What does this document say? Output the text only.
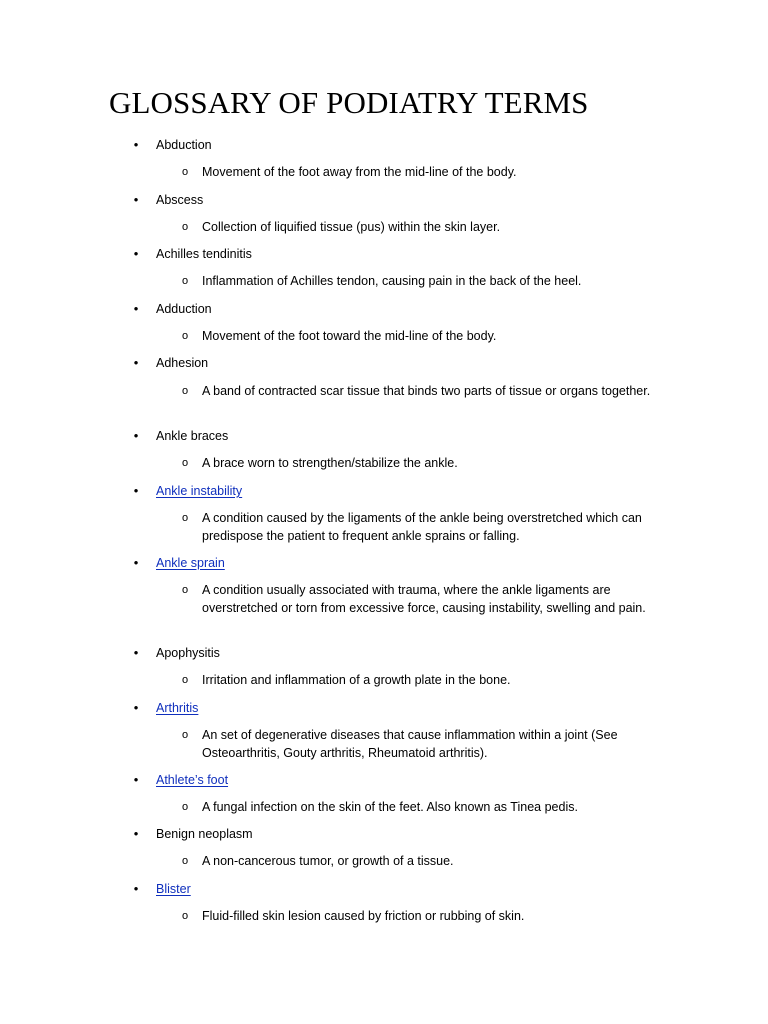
GLOSSARY OF PODIATRY TERMS
• Abduction
o Movement of the foot away from the mid-line of the body.
• Abscess
o Collection of liquified tissue (pus) within the skin layer.
• Achilles tendinitis
o Inflammation of Achilles tendon, causing pain in the back of the heel.
• Adduction
o Movement of the foot toward the mid-line of the body.
• Adhesion
o A band of contracted scar tissue that binds two parts of tissue or organs together.
• Ankle braces
o A brace worn to strengthen/stabilize the ankle.
• Ankle instability
o A condition caused by the ligaments of the ankle being overstretched which can predispose the patient to frequent ankle sprains or falling.
• Ankle sprain
o A condition usually associated with trauma, where the ankle ligaments are overstretched or torn from excessive force, causing instability, swelling and pain.
• Apophysitis
o Irritation and inflammation of a growth plate in the bone.
• Arthritis
o An set of degenerative diseases that cause inflammation within a joint (See Osteoarthritis, Gouty arthritis, Rheumatoid arthritis).
• Athlete’s foot
o A fungal infection on the skin of the feet. Also known as Tinea pedis.
• Benign neoplasm
o A non-cancerous tumor, or growth of a tissue.
• Blister
o Fluid-filled skin lesion caused by friction or rubbing of skin.
